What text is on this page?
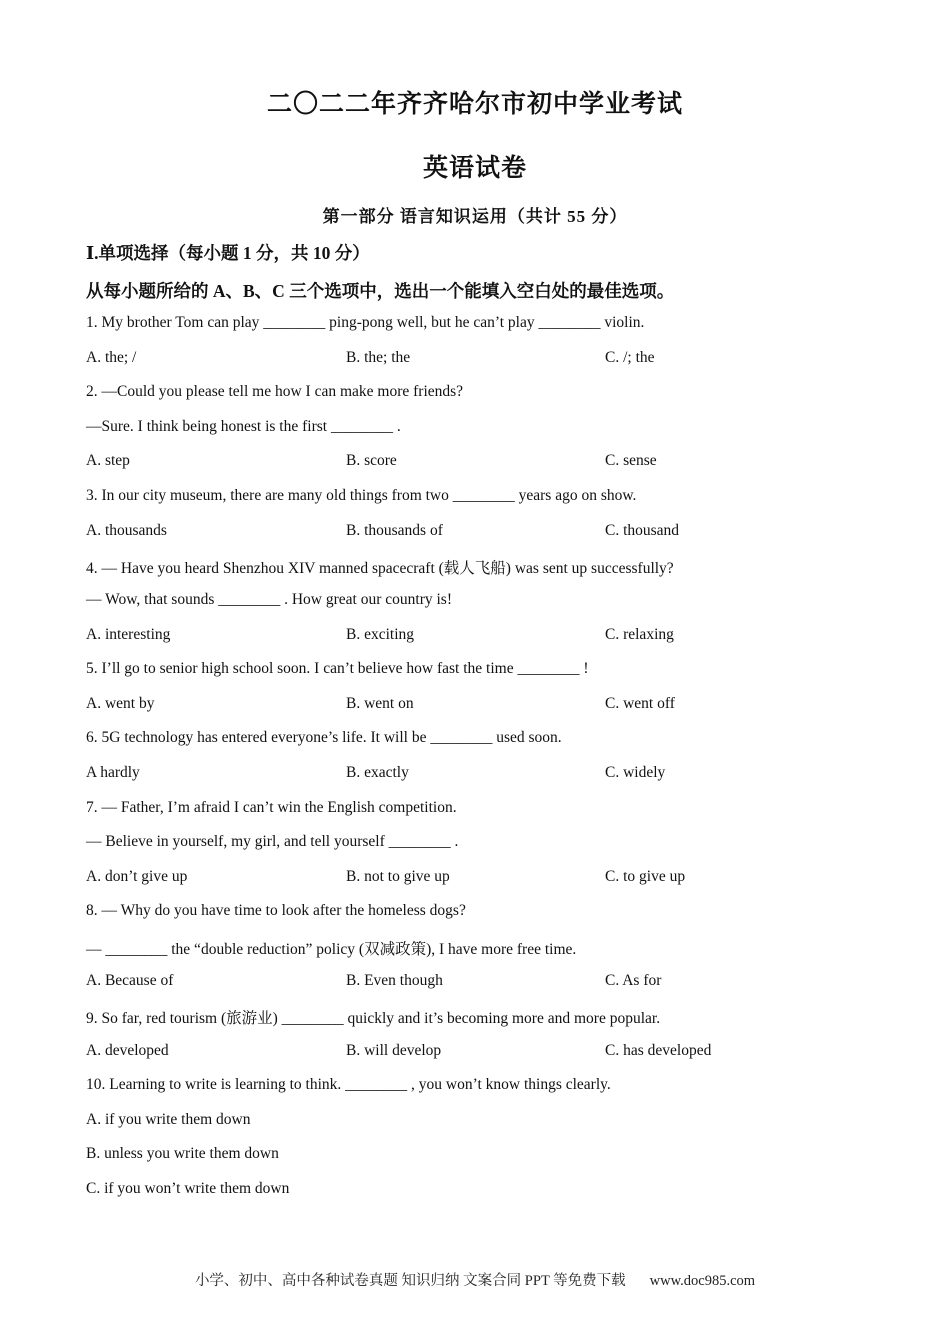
二〇二二年齐齐哈尔市初中学业考试
英语试卷
第一部分 语言知识运用（共计 55 分）
Ⅰ.单项选择（每小题 1 分，共 10 分）
从每小题所给的 A、B、C 三个选项中，选出一个能填入空白处的最佳选项。
1. My brother Tom can play ________ ping-pong well, but he can’t play ________ violin.
A. the; /	B. the; the	C. /; the
2. —Could you please tell me how I can make more friends?
—Sure. I think being honest is the first ________ .
A. step	B. score	C. sense
3. In our city museum, there are many old things from two ________ years ago on show.
A. thousands	B. thousands of	C. thousand
4. — Have you heard Shenzhou XIV manned spacecraft (载人飞船) was sent up successfully?
— Wow, that sounds ________ . How great our country is!
A. interesting	B. exciting	C. relaxing
5. I’ll go to senior high school soon. I can’t believe how fast the time ________ !
A. went by	B. went on	C. went off
6. 5G technology has entered everyone’s life. It will be ________ used soon.
A hardly	B. exactly	C. widely
7. — Father, I’m afraid I can’t win the English competition.
— Believe in yourself, my girl, and tell yourself ________ .
A. don’t give up	B. not to give up	C. to give up
8. — Why do you have time to look after the homeless dogs?
— ________ the “double reduction” policy (双减政策), I have more free time.
A. Because of	B. Even though	C. As for
9. So far, red tourism (旅游业) ________ quickly and it’s becoming more and more popular.
A. developed	B. will develop	C. has developed
10. Learning to write is learning to think. ________ , you won’t know things clearly.
A. if you write them down
B. unless you write them down
C. if you won’t write them down
小学、初中、高中各种试卷真题 知识归纳 文案合同 PPT 等免费下载 www.doc985.com
